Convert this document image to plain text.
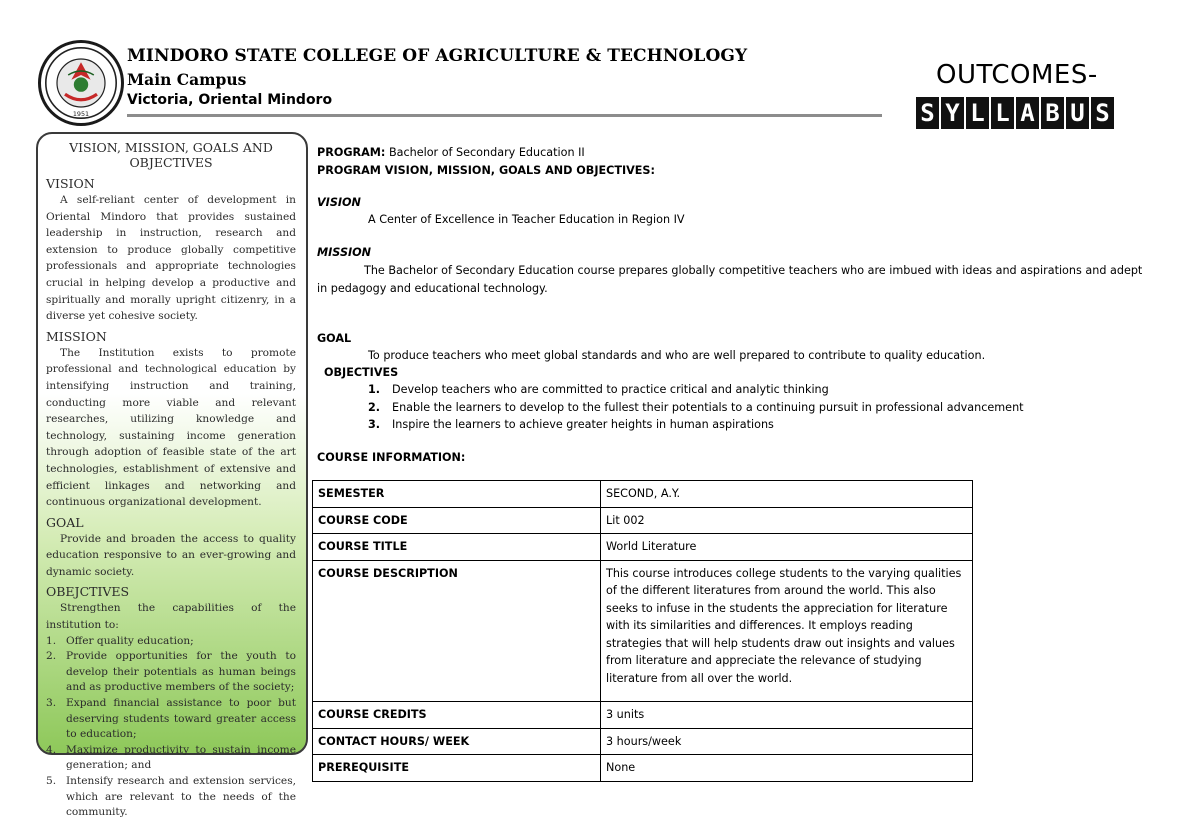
1951
MINDORO STATE COLLEGE OF AGRICULTURE & TECHNOLOGY
Main Campus
Victoria, Oriental Mindoro
OUTCOMES-
S Y L L A B U S
VISION, MISSION, GOALS AND
OBJECTIVES
VISION
A self-reliant center of development in Oriental Mindoro that provides sustained leadership in instruction, research and extension to produce globally competitive professionals and appropriate technologies crucial in helping develop a productive and spiritually and morally upright citizenry, in a diverse yet cohesive society.
MISSION
The Institution exists to promote professional and technological education by intensifying instruction and training, conducting more viable and relevant researches, utilizing knowledge and technology, sustaining income generation through adoption of feasible state of the art technologies, establishment of extensive and efficient linkages and networking and continuous organizational development.
GOAL
Provide and broaden the access to quality education responsive to an ever-growing and dynamic society.
OBEJCTIVES
Strengthen the capabilities of the institution to:
1. Offer quality education;
2. Provide opportunities for the youth to develop their potentials as human beings and as productive members of the society;
3. Expand financial assistance to poor but deserving students toward greater access to education;
4. Maximize productivity to sustain income generation; and
5. Intensify research and extension services, which are relevant to the needs of the community.
PROGRAM: Bachelor of Secondary Education II
PROGRAM VISION, MISSION, GOALS AND OBJECTIVES:
VISION
A Center of Excellence in Teacher Education in Region IV
MISSION
The Bachelor of Secondary Education course prepares globally competitive teachers who are imbued with ideas and aspirations and adept in pedagogy and educational technology.
GOAL
To produce teachers who meet global standards and who are well prepared to contribute to quality education.
OBJECTIVES
1. Develop teachers who are committed to practice critical and analytic thinking
2. Enable the learners to develop to the fullest their potentials to a continuing pursuit in professional advancement
3. Inspire the learners to achieve greater heights in human aspirations
COURSE INFORMATION:
SEMESTER	SECOND, A.Y.
COURSE CODE	Lit 002
COURSE TITLE	World Literature
COURSE DESCRIPTION	This course introduces college students to the varying qualities of the different literatures from around the world. This also seeks to infuse in the students the appreciation for literature with its similarities and differences. It employs reading strategies that will help students draw out insights and values from literature and appreciate the relevance of studying literature from all over the world.
COURSE CREDITS	3 units
CONTACT HOURS/ WEEK	3 hours/week
PREREQUISITE	None
